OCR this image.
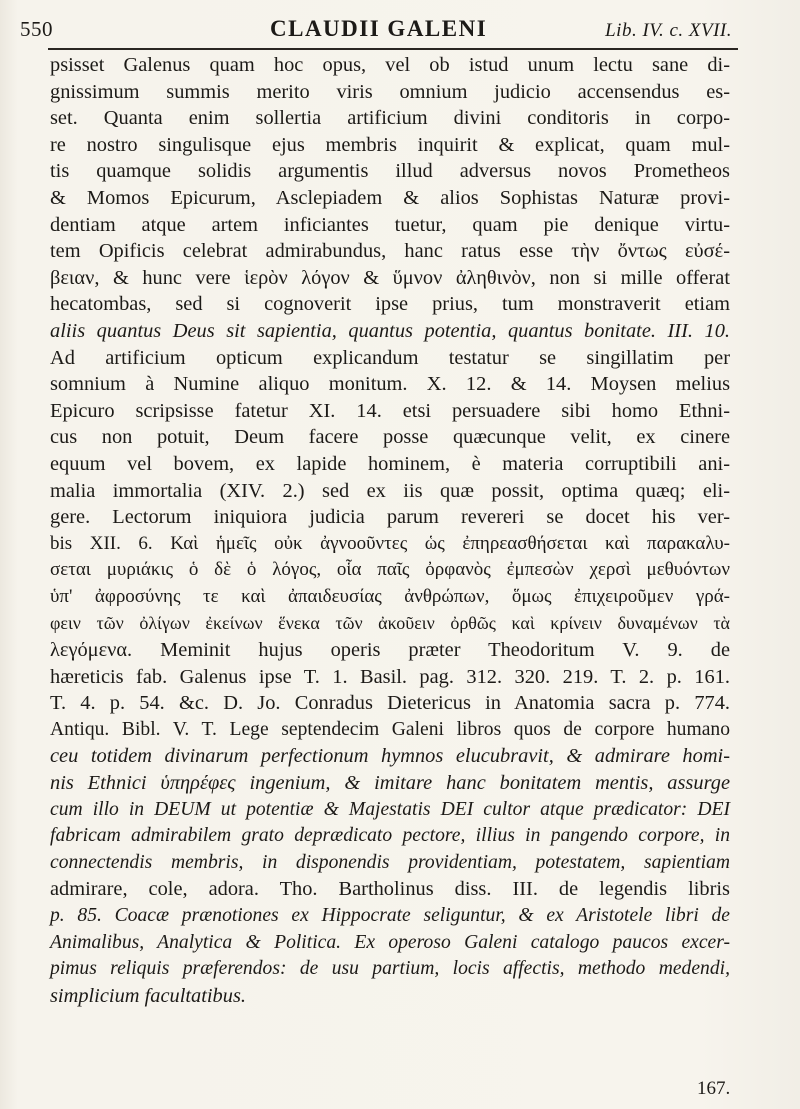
550	CLAUDII GALENI	Lib. IV. c. XVII.
psisset Galenus quam hoc opus, vel ob istud unum lectu sane di-
gnissimum summis merito viris omnium judicio accensendus es-
set. Quanta enim sollertia artificium divini conditoris in corpo-
re nostro singulisque ejus membris inquirit & explicat, quam mul-
tis quamque solidis argumentis illud adversus novos Prometheos
& Momos Epicurum, Asclepiadem & alios Sophistas Naturæ provi-
dentiam atque artem inficiantes tuetur, quam pie denique virtu-
tem Opificis celebrat admirabundus, hanc ratus esse τὴν ὄντως εὐσέ-
βειαν, & hunc vere ἱερὸν λόγον & ὕμνον ἀληθινὸν, non si mille offerat
hecatombas, sed si cognoverit ipse prius, tum monstraverit etiam
aliis quantus Deus sit sapientia, quantus potentia, quantus bonitate. III. 10.
Ad artificium opticum explicandum testatur se singillatim per
somnium à Numine aliquo monitum. X. 12. & 14. Moysen melius
Epicuro scripsisse fatetur XI. 14. etsi persuadere sibi homo Ethni-
cus non potuit, Deum facere posse quæcunque velit, ex cinere
equum vel bovem, ex lapide hominem, è materia corruptibili ani-
malia immortalia (XIV. 2.) sed ex iis quæ possit, optima quæq; eli-
gere. Lectorum iniquiora judicia parum revereri se docet his ver-
bis XII. 6. Καὶ ἡμεῖς οὐκ ἀγνοοῦντες ὡς ἐπηρεασθήσεται καὶ παρακαλυ-
σεται μυριάκις ὁ δὲ ὁ λόγος, οἷα παῖς ὀρφανὸς ἐμπεσὼν χερσὶ μεθυόντων
ὑπ' ἀφροσύνης τε καὶ ἀπαιδευσίας ἀνθρώπων, ὅμως ἐπιχειροῦμεν γρά-
φειν τῶν ὀλίγων ἐκείνων ἕνεκα τῶν ἀκοῦειν ὀρθῶς καὶ κρίνειν δυναμένων τὰ
λεγόμενα. Meminit hujus operis præter Theodoritum V. 9. de
hæreticis fab. Galenus ipse T. 1. Basil. pag. 312. 320. 219. T. 2. p. 161.
T. 4. p. 54. &c. D. Jo. Conradus Dietericus in Anatomia sacra p. 774.
Antiqu. Bibl. V. T. Lege septendecim Galeni libros quos de corpore humano
ceu totidem divinarum perfectionum hymnos elucubravit, & admirare homi-
nis Ethnici ὑπηρέφες ingenium, & imitare hanc bonitatem mentis, assurge
cum illo in DEUM ut potentiæ & Majestatis DEI cultor atque prædicator: DEI
fabricam admirabilem grato deprædicato pectore, illius in pangendo corpore, in
connectendis membris, in disponendis providentiam, potestatem, sapientiam
admirare, cole, adora. Tho. Bartholinus diss. III. de legendis libris
p. 85. Coacæ prænotiones ex Hippocrate seliguntur, & ex Aristotele libri de
Animalibus, Analytica & Politica. Ex operoso Galeni catalogo paucos excer-
pimus reliquis præferendos: de usu partium, locis affectis, methodo medendi,
simplicium facultatibus.
167.
